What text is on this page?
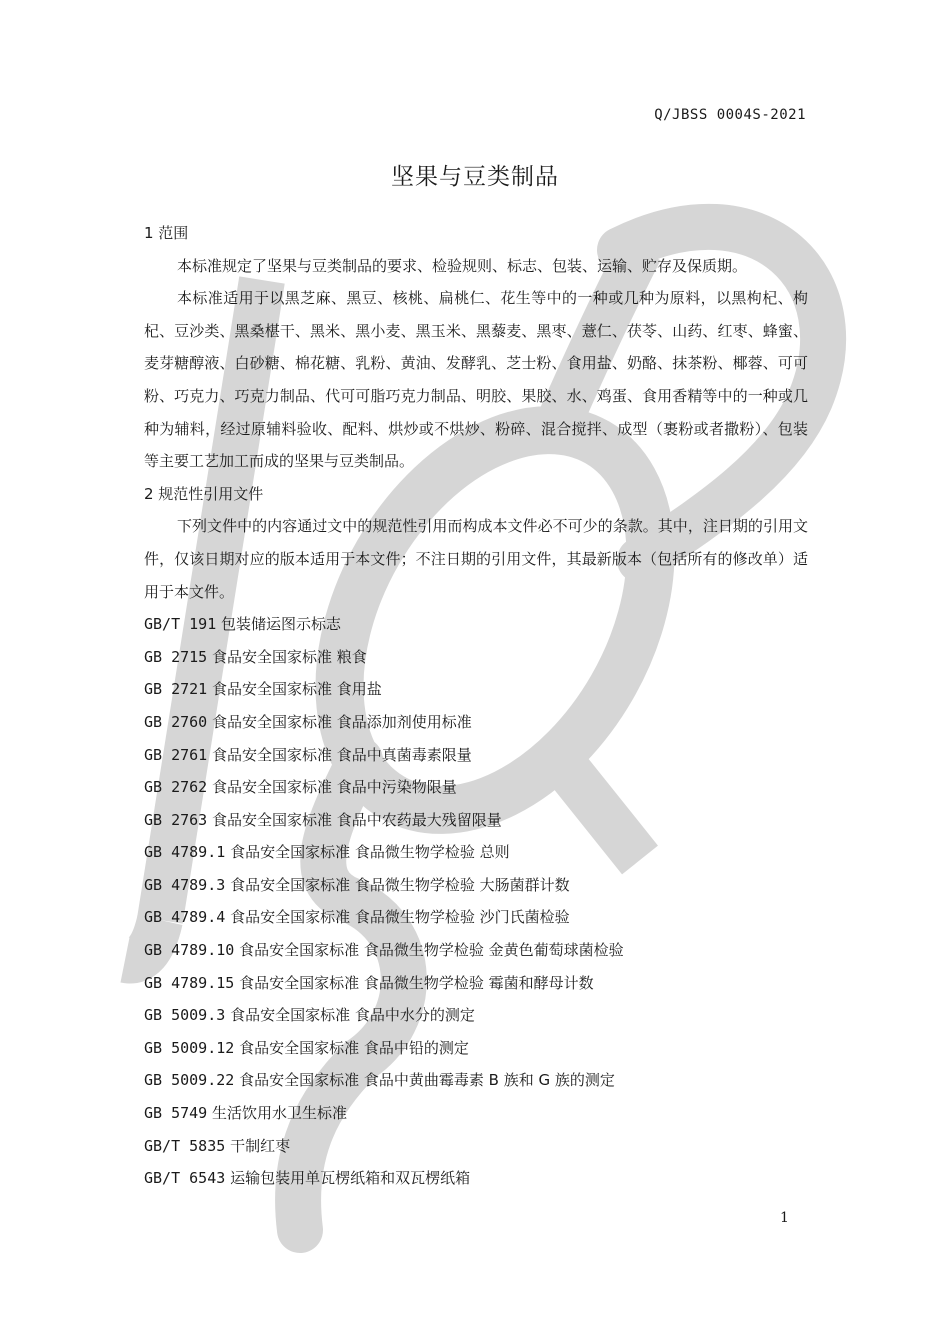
Q/JBSS 0004S-2021
坚果与豆类制品

1 范围

本标准规定了坚果与豆类制品的要求、检验规则、标志、包装、运输、贮存及保质期。

本标准适用于以黑芝麻、黑豆、核桃、扁桃仁、花生等中的一种或几种为原料，以黑枸杞、枸杞、豆沙类、黑桑椹干、黑米、黑小麦、黑玉米、黑藜麦、黑枣、薏仁、茯苓、山药、红枣、蜂蜜、麦芽糖醇液、白砂糖、棉花糖、乳粉、黄油、发酵乳、芝士粉、食用盐、奶酪、抹茶粉、椰蓉、可可粉、巧克力、巧克力制品、代可可脂巧克力制品、明胶、果胶、水、鸡蛋、食用香精等中的一种或几种为辅料，经过原辅料验收、配料、烘炒或不烘炒、粉碎、混合搅拌、成型（裹粉或者撒粉）、包装等主要工艺加工而成的坚果与豆类制品。

2 规范性引用文件

下列文件中的内容通过文中的规范性引用而构成本文件必不可少的条款。其中，注日期的引用文件，仅该日期对应的版本适用于本文件；不注日期的引用文件，其最新版本（包括所有的修改单）适用于本文件。

GB/T 191 包装储运图示标志

GB 2715 食品安全国家标准 粮食

GB 2721 食品安全国家标准 食用盐

GB 2760 食品安全国家标准 食品添加剂使用标准

GB 2761 食品安全国家标准 食品中真菌毒素限量

GB 2762 食品安全国家标准 食品中污染物限量

GB 2763 食品安全国家标准 食品中农药最大残留限量

GB 4789.1 食品安全国家标准 食品微生物学检验 总则

GB 4789.3 食品安全国家标准 食品微生物学检验 大肠菌群计数

GB 4789.4 食品安全国家标准 食品微生物学检验 沙门氏菌检验

GB 4789.10 食品安全国家标准 食品微生物学检验 金黄色葡萄球菌检验

GB 4789.15 食品安全国家标准 食品微生物学检验 霉菌和酵母计数

GB 5009.3 食品安全国家标准 食品中水分的测定

GB 5009.12 食品安全国家标准 食品中铅的测定

GB 5009.22 食品安全国家标准 食品中黄曲霉毒素 B 族和 G 族的测定

GB 5749 生活饮用水卫生标准

GB/T 5835 干制红枣

GB/T 6543 运输包装用单瓦楞纸箱和双瓦楞纸箱

1
